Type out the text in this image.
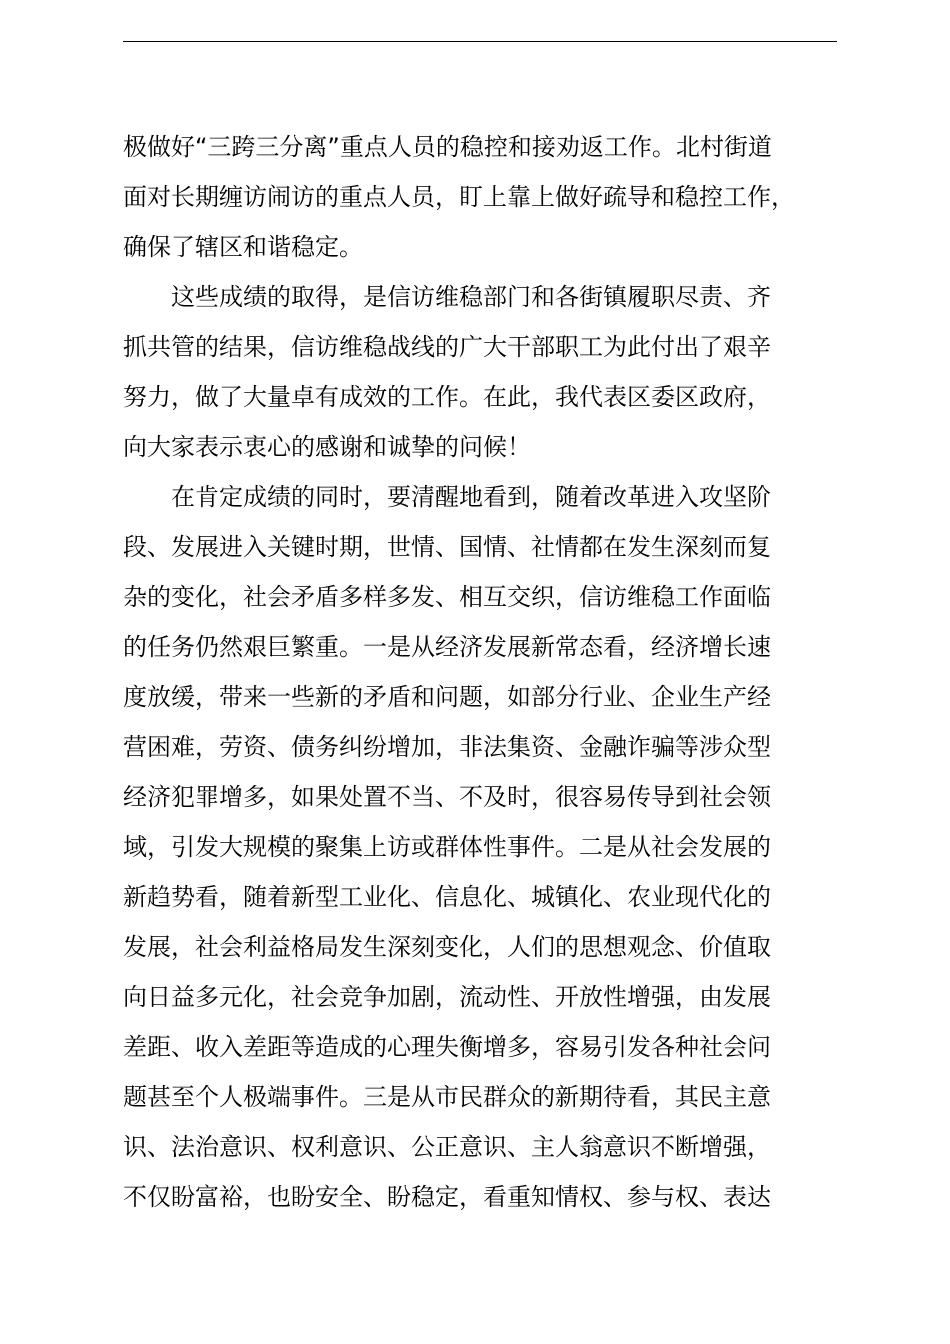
极做好“三跨三分离”重点人员的稳控和接劝返工作。北村街道
面对长期缠访闹访的重点人员，盯上靠上做好疏导和稳控工作，
确保了辖区和谐稳定。
这些成绩的取得，是信访维稳部门和各街镇履职尽责、齐
抓共管的结果，信访维稳战线的广大干部职工为此付出了艰辛
努力，做了大量卓有成效的工作。在此，我代表区委区政府，
向大家表示衷心的感谢和诚挚的问候！
在肯定成绩的同时，要清醒地看到，随着改革进入攻坚阶
段、发展进入关键时期，世情、国情、社情都在发生深刻而复
杂的变化，社会矛盾多样多发、相互交织，信访维稳工作面临
的任务仍然艰巨繁重。一是从经济发展新常态看，经济增长速
度放缓，带来一些新的矛盾和问题，如部分行业、企业生产经
营困难，劳资、债务纠纷增加，非法集资、金融诈骗等涉众型
经济犯罪增多，如果处置不当、不及时，很容易传导到社会领
域，引发大规模的聚集上访或群体性事件。二是从社会发展的
新趋势看，随着新型工业化、信息化、城镇化、农业现代化的
发展，社会利益格局发生深刻变化，人们的思想观念、价值取
向日益多元化，社会竞争加剧，流动性、开放性增强，由发展
差距、收入差距等造成的心理失衡增多，容易引发各种社会问
题甚至个人极端事件。三是从市民群众的新期待看，其民主意
识、法治意识、权利意识、公正意识、主人翁意识不断增强，
不仅盼富裕，也盼安全、盼稳定，看重知情权、参与权、表达
